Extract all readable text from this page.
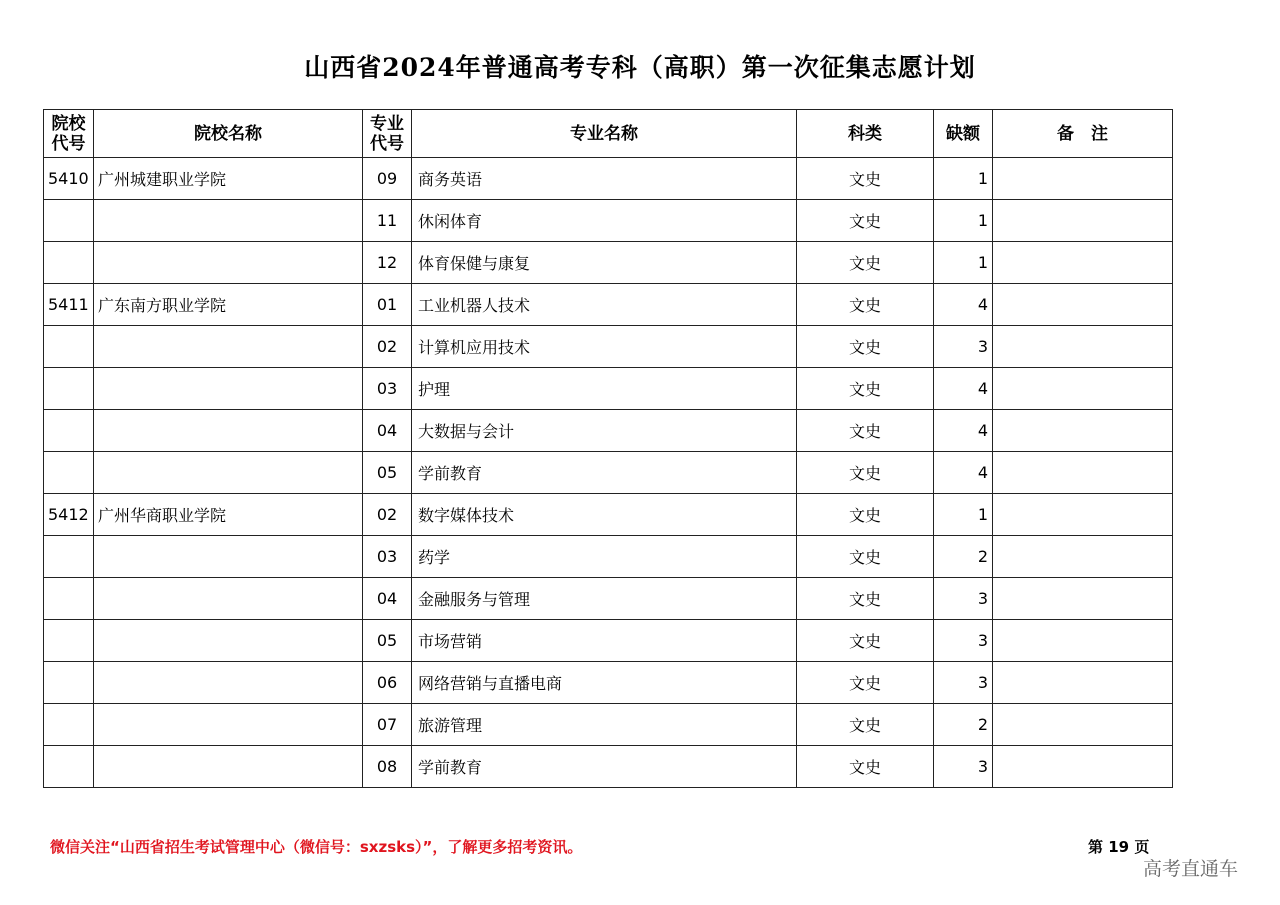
山西省2024年普通高考专科（高职）第一次征集志愿计划
院校代号	院校名称	专业代号	专业名称	科类	缺额	备　注
5410	广州城建职业学院	09	商务英语	文史	1	
		11	休闲体育	文史	1	
		12	体育保健与康复	文史	1	
5411	广东南方职业学院	01	工业机器人技术	文史	4	
		02	计算机应用技术	文史	3	
		03	护理	文史	4	
		04	大数据与会计	文史	4	
		05	学前教育	文史	4	
5412	广州华商职业学院	02	数字媒体技术	文史	1	
		03	药学	文史	2	
		04	金融服务与管理	文史	3	
		05	市场营销	文史	3	
		06	网络营销与直播电商	文史	3	
		07	旅游管理	文史	2	
		08	学前教育	文史	3	
微信关注“山西省招生考试管理中心（微信号：sxzsks）”，了解更多招考资讯。	第 19 页
高考直通车
